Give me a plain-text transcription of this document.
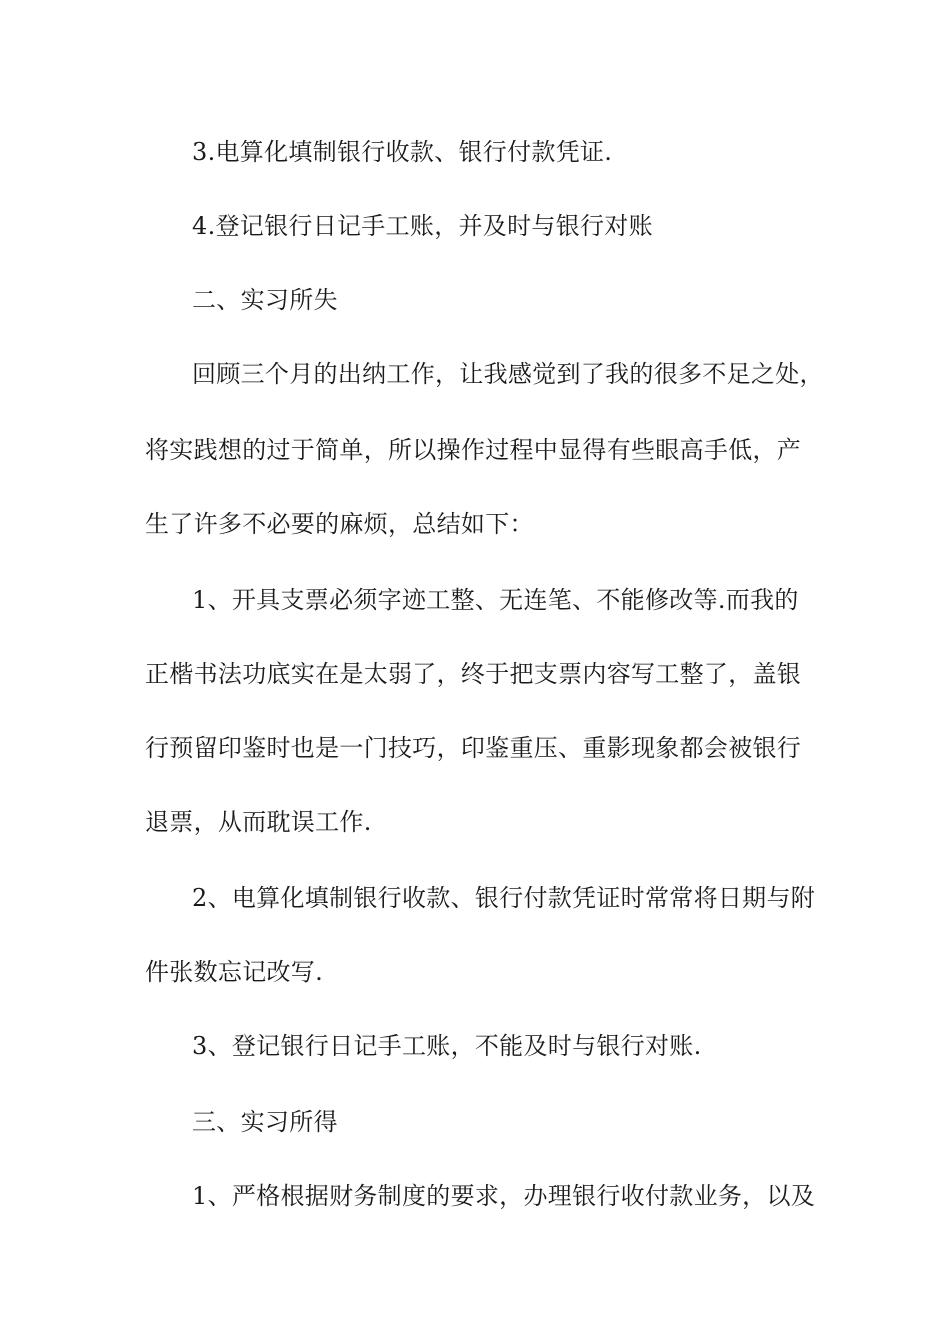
3.电算化填制银行收款、银行付款凭证.
4.登记银行日记手工账，并及时与银行对账
二、实习所失
回顾三个月的出纳工作，让我感觉到了我的很多不足之处，
将实践想的过于简单，所以操作过程中显得有些眼高手低，产
生了许多不必要的麻烦，总结如下：
1、开具支票必须字迹工整、无连笔、不能修改等.而我的
正楷书法功底实在是太弱了，终于把支票内容写工整了，盖银
行预留印鉴时也是一门技巧，印鉴重压、重影现象都会被银行
退票，从而耽误工作.
2、电算化填制银行收款、银行付款凭证时常常将日期与附
件张数忘记改写.
3、登记银行日记手工账，不能及时与银行对账.
三、实习所得
1、严格根据财务制度的要求，办理银行收付款业务，以及
